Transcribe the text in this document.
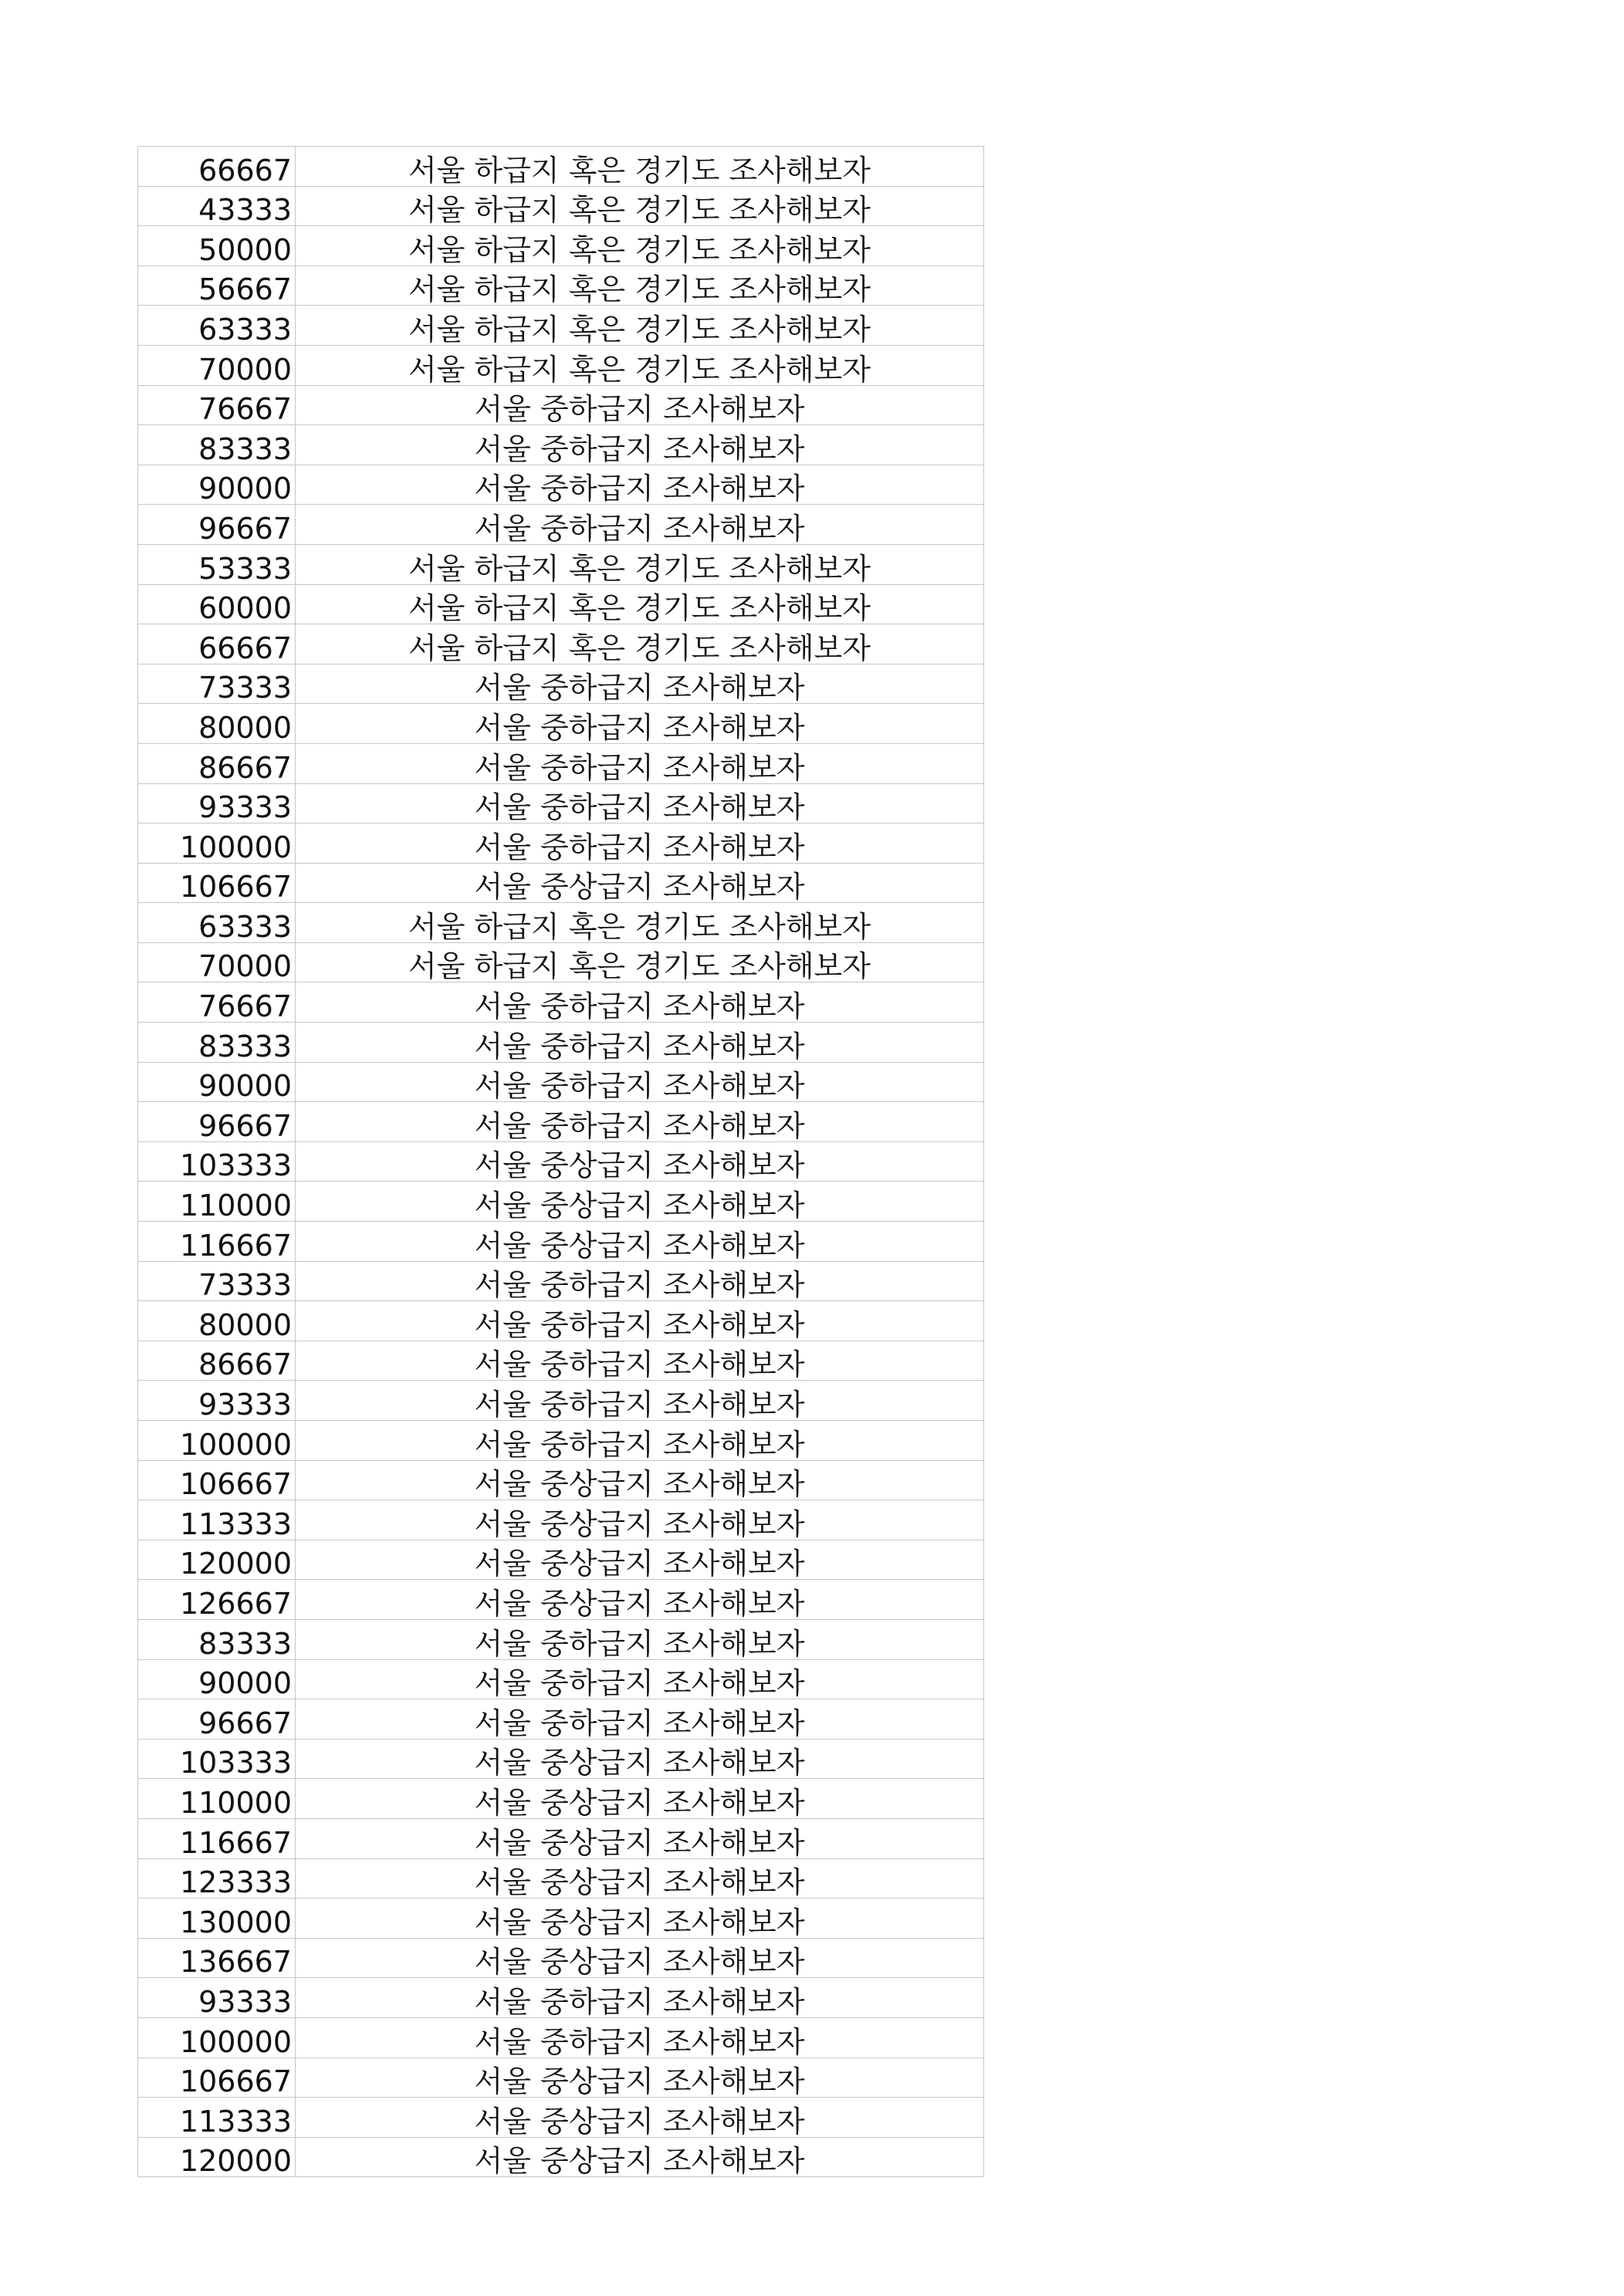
66667	서울 하급지 혹은 경기도 조사해보자
43333	서울 하급지 혹은 경기도 조사해보자
50000	서울 하급지 혹은 경기도 조사해보자
56667	서울 하급지 혹은 경기도 조사해보자
63333	서울 하급지 혹은 경기도 조사해보자
70000	서울 하급지 혹은 경기도 조사해보자
76667	서울 중하급지 조사해보자
83333	서울 중하급지 조사해보자
90000	서울 중하급지 조사해보자
96667	서울 중하급지 조사해보자
53333	서울 하급지 혹은 경기도 조사해보자
60000	서울 하급지 혹은 경기도 조사해보자
66667	서울 하급지 혹은 경기도 조사해보자
73333	서울 중하급지 조사해보자
80000	서울 중하급지 조사해보자
86667	서울 중하급지 조사해보자
93333	서울 중하급지 조사해보자
100000	서울 중하급지 조사해보자
106667	서울 중상급지 조사해보자
63333	서울 하급지 혹은 경기도 조사해보자
70000	서울 하급지 혹은 경기도 조사해보자
76667	서울 중하급지 조사해보자
83333	서울 중하급지 조사해보자
90000	서울 중하급지 조사해보자
96667	서울 중하급지 조사해보자
103333	서울 중상급지 조사해보자
110000	서울 중상급지 조사해보자
116667	서울 중상급지 조사해보자
73333	서울 중하급지 조사해보자
80000	서울 중하급지 조사해보자
86667	서울 중하급지 조사해보자
93333	서울 중하급지 조사해보자
100000	서울 중하급지 조사해보자
106667	서울 중상급지 조사해보자
113333	서울 중상급지 조사해보자
120000	서울 중상급지 조사해보자
126667	서울 중상급지 조사해보자
83333	서울 중하급지 조사해보자
90000	서울 중하급지 조사해보자
96667	서울 중하급지 조사해보자
103333	서울 중상급지 조사해보자
110000	서울 중상급지 조사해보자
116667	서울 중상급지 조사해보자
123333	서울 중상급지 조사해보자
130000	서울 중상급지 조사해보자
136667	서울 중상급지 조사해보자
93333	서울 중하급지 조사해보자
100000	서울 중하급지 조사해보자
106667	서울 중상급지 조사해보자
113333	서울 중상급지 조사해보자
120000	서울 중상급지 조사해보자
